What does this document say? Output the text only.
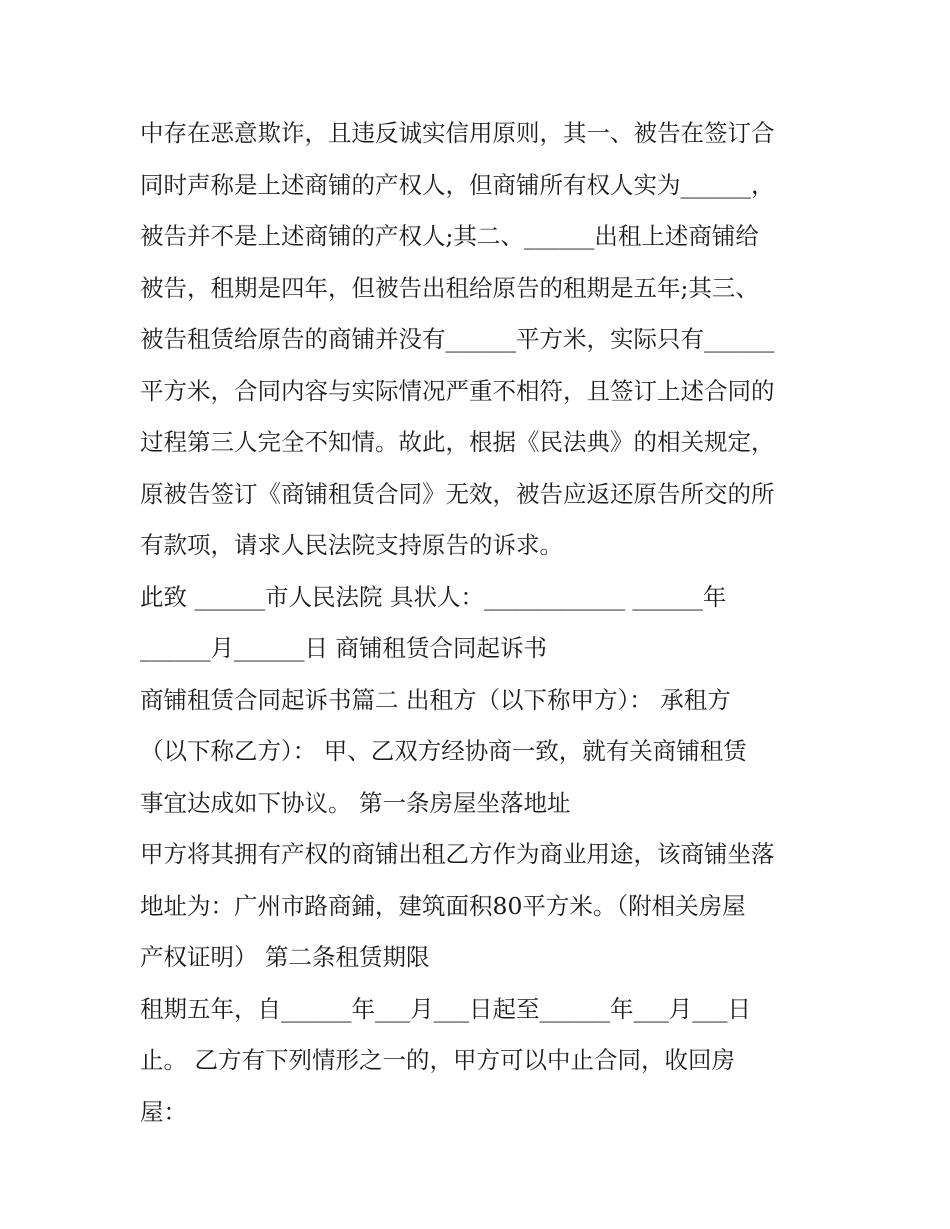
中存在恶意欺诈，且违反诚实信用原则，其一、被告在签订合
同时声称是上述商铺的产权人，但商铺所有权人实为______，
被告并不是上述商铺的产权人;其二、______出租上述商铺给
被告，租期是四年，但被告出租给原告的租期是五年;其三、
被告租赁给原告的商铺并没有______平方米，实际只有______
平方米，合同内容与实际情况严重不相符，且签订上述合同的
过程第三人完全不知情。故此，根据《民法典》的相关规定，
原被告签订《商铺租赁合同》无效，被告应返还原告所交的所
有款项，请求人民法院支持原告的诉求。
此致 ______市人民法院 具状人：____________ ______年
______月______日 商铺租赁合同起诉书
商铺租赁合同起诉书篇二 出租方（以下称甲方）： 承租方
（以下称乙方）： 甲、乙双方经协商一致，就有关商铺租赁
事宜达成如下协议。 第一条房屋坐落地址
甲方将其拥有产权的商铺出租乙方作为商业用途，该商铺坐落
地址为：广州市路商鋪，建筑面积80平方米。（附相关房屋
产权证明） 第二条租赁期限
租期五年，自______年___月___日起至______年___月___日
止。 乙方有下列情形之一的，甲方可以中止合同，收回房
屋：
